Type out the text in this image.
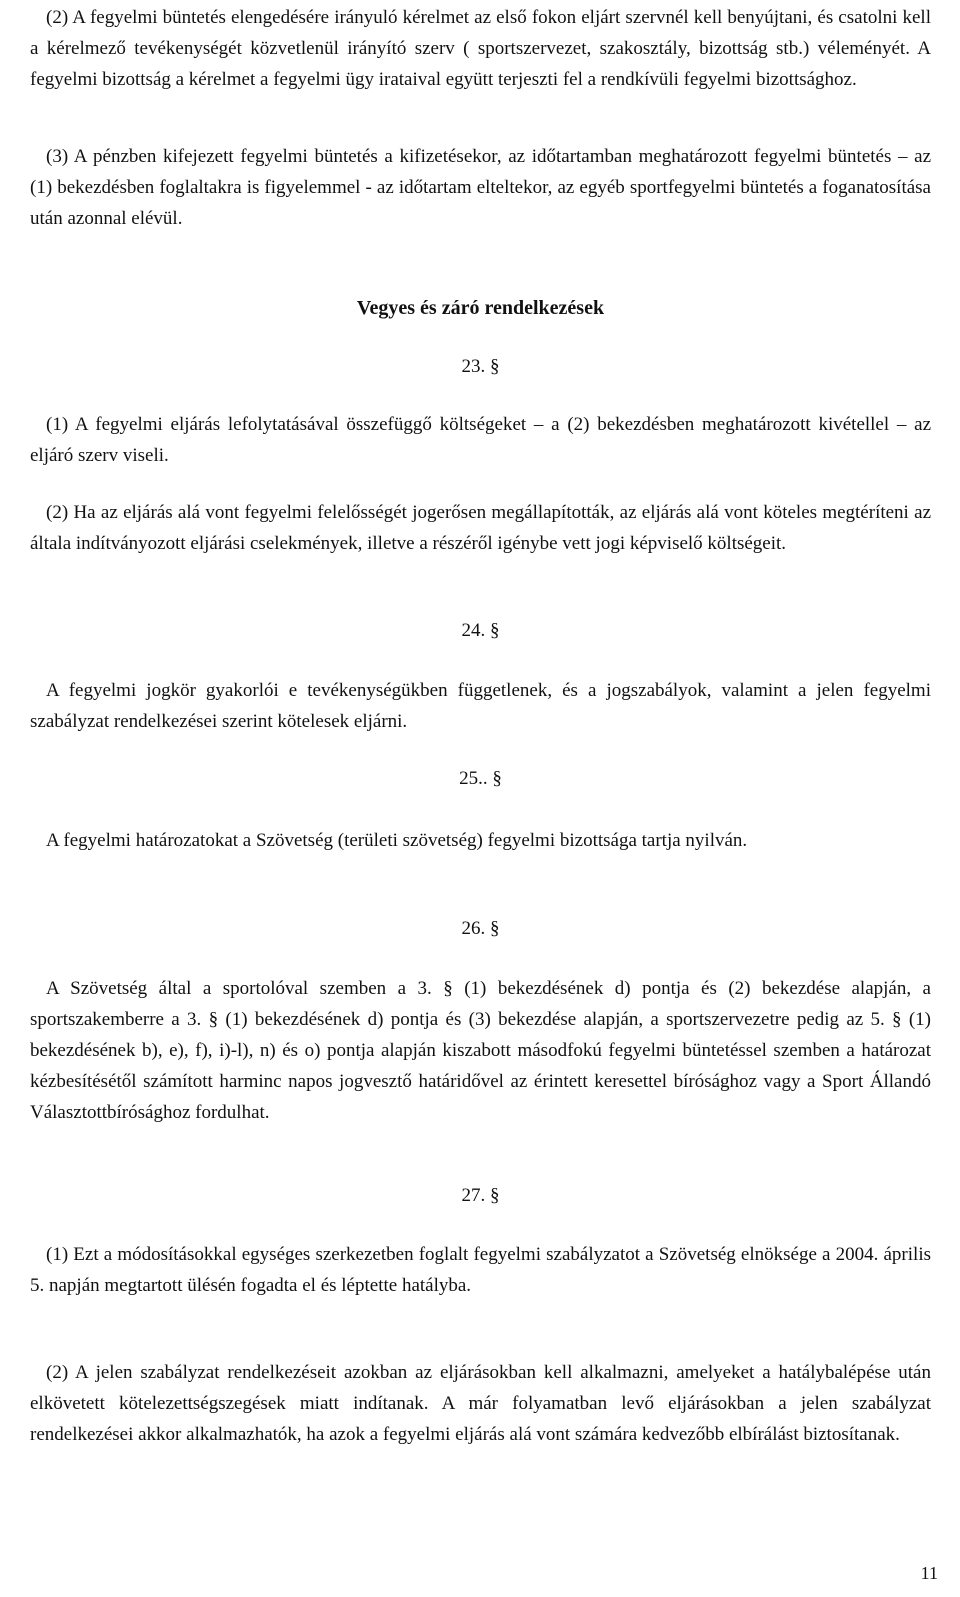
(2) A fegyelmi büntetés elengedésére irányuló kérelmet az első fokon eljárt szervnél kell benyújtani, és csatolni kell a kérelmező tevékenységét közvetlenül irányító szerv ( sportszervezet, szakosztály, bizottság stb.) véleményét. A fegyelmi bizottság a kérelmet a fegyelmi ügy irataival együtt terjeszti fel a rendkívüli fegyelmi bizottsághoz.

(3) A pénzben kifejezett fegyelmi büntetés a kifizetésekor, az időtartamban meghatározott fegyelmi büntetés – az (1) bekezdésben foglaltakra is figyelemmel - az időtartam elteltekor, az egyéb sportfegyelmi büntetés a foganatosítása után azonnal elévül.

Vegyes és záró rendelkezések

23. §

(1) A fegyelmi eljárás lefolytatásával összefüggő költségeket – a (2) bekezdésben meghatározott kivétellel – az eljáró szerv viseli.

(2) Ha az eljárás alá vont fegyelmi felelősségét jogerősen megállapították, az eljárás alá vont köteles megtéríteni az általa indítványozott eljárási cselekmények, illetve a részéről igénybe vett jogi képviselő költségeit.

24. §

A fegyelmi jogkör gyakorlói e tevékenységükben függetlenek, és a jogszabályok, valamint a jelen fegyelmi szabályzat rendelkezései szerint kötelesek eljárni.

25.. §

A fegyelmi határozatokat a Szövetség (területi szövetség) fegyelmi bizottsága tartja nyilván.

26. §

A Szövetség által a sportolóval szemben a 3. § (1) bekezdésének d) pontja és (2) bekezdése alapján, a sportszakemberre a 3. § (1) bekezdésének d) pontja és (3) bekezdése alapján, a sportszervezetre pedig az 5. § (1) bekezdésének b), e), f), i)-l), n) és o) pontja alapján kiszabott másodfokú fegyelmi büntetéssel szemben a határozat kézbesítésétől számított harminc napos jogvesztő határidővel az érintett keresettel bírósághoz vagy a Sport Állandó Választottbírósághoz fordulhat.

27. §

(1) Ezt a módosításokkal egységes szerkezetben foglalt fegyelmi szabályzatot a Szövetség elnöksége a 2004. április 5. napján megtartott ülésén fogadta el és léptette hatályba.

(2) A jelen szabályzat rendelkezéseit azokban az eljárásokban kell alkalmazni, amelyeket a hatálybalépése után elkövetett kötelezettségszegések miatt indítanak. A már folyamatban levő eljárásokban a jelen szabályzat rendelkezései akkor alkalmazhatók, ha azok a fegyelmi eljárás alá vont számára kedvezőbb elbírálást biztosítanak.

11
